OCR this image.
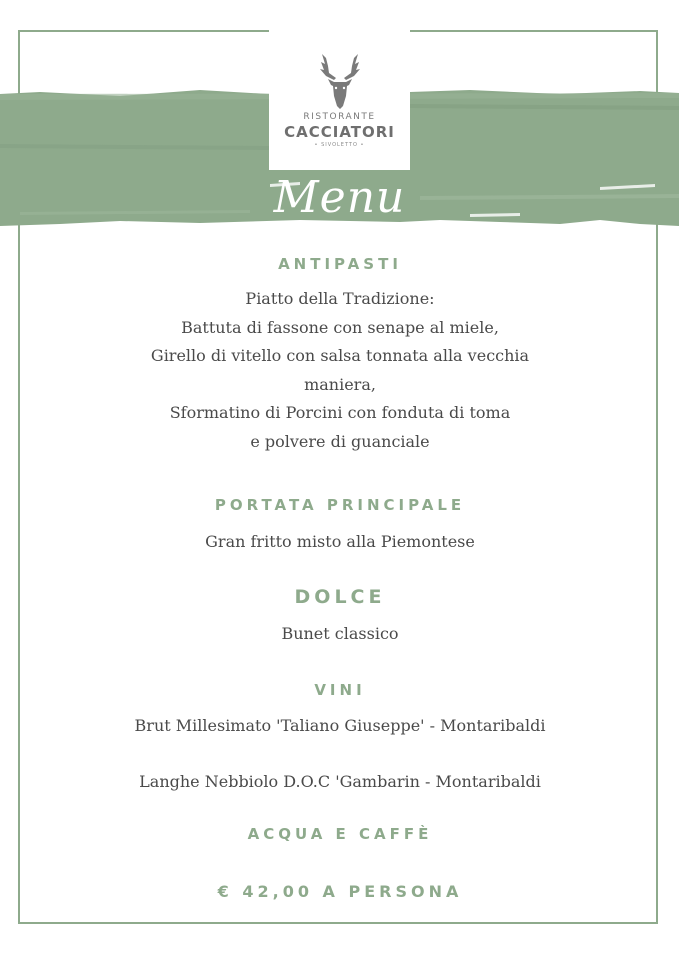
RISTORANTE
CACCIATORI
• SIVOLETTO •
Menu
ANTIPASTI
Piatto della Tradizione:
Battuta di fassone con senape al miele,
Girello di vitello con salsa tonnata alla vecchia
maniera,
Sformatino di Porcini con fonduta di toma
e polvere di guanciale
PORTATA PRINCIPALE
Gran fritto misto alla Piemontese
DOLCE
Bunet classico
VINI
Brut Millesimato 'Taliano Giuseppe' - Montaribaldi
Langhe Nebbiolo D.O.C 'Gambarin - Montaribaldi
ACQUA E CAFFÈ
€ 42,00 A PERSONA
